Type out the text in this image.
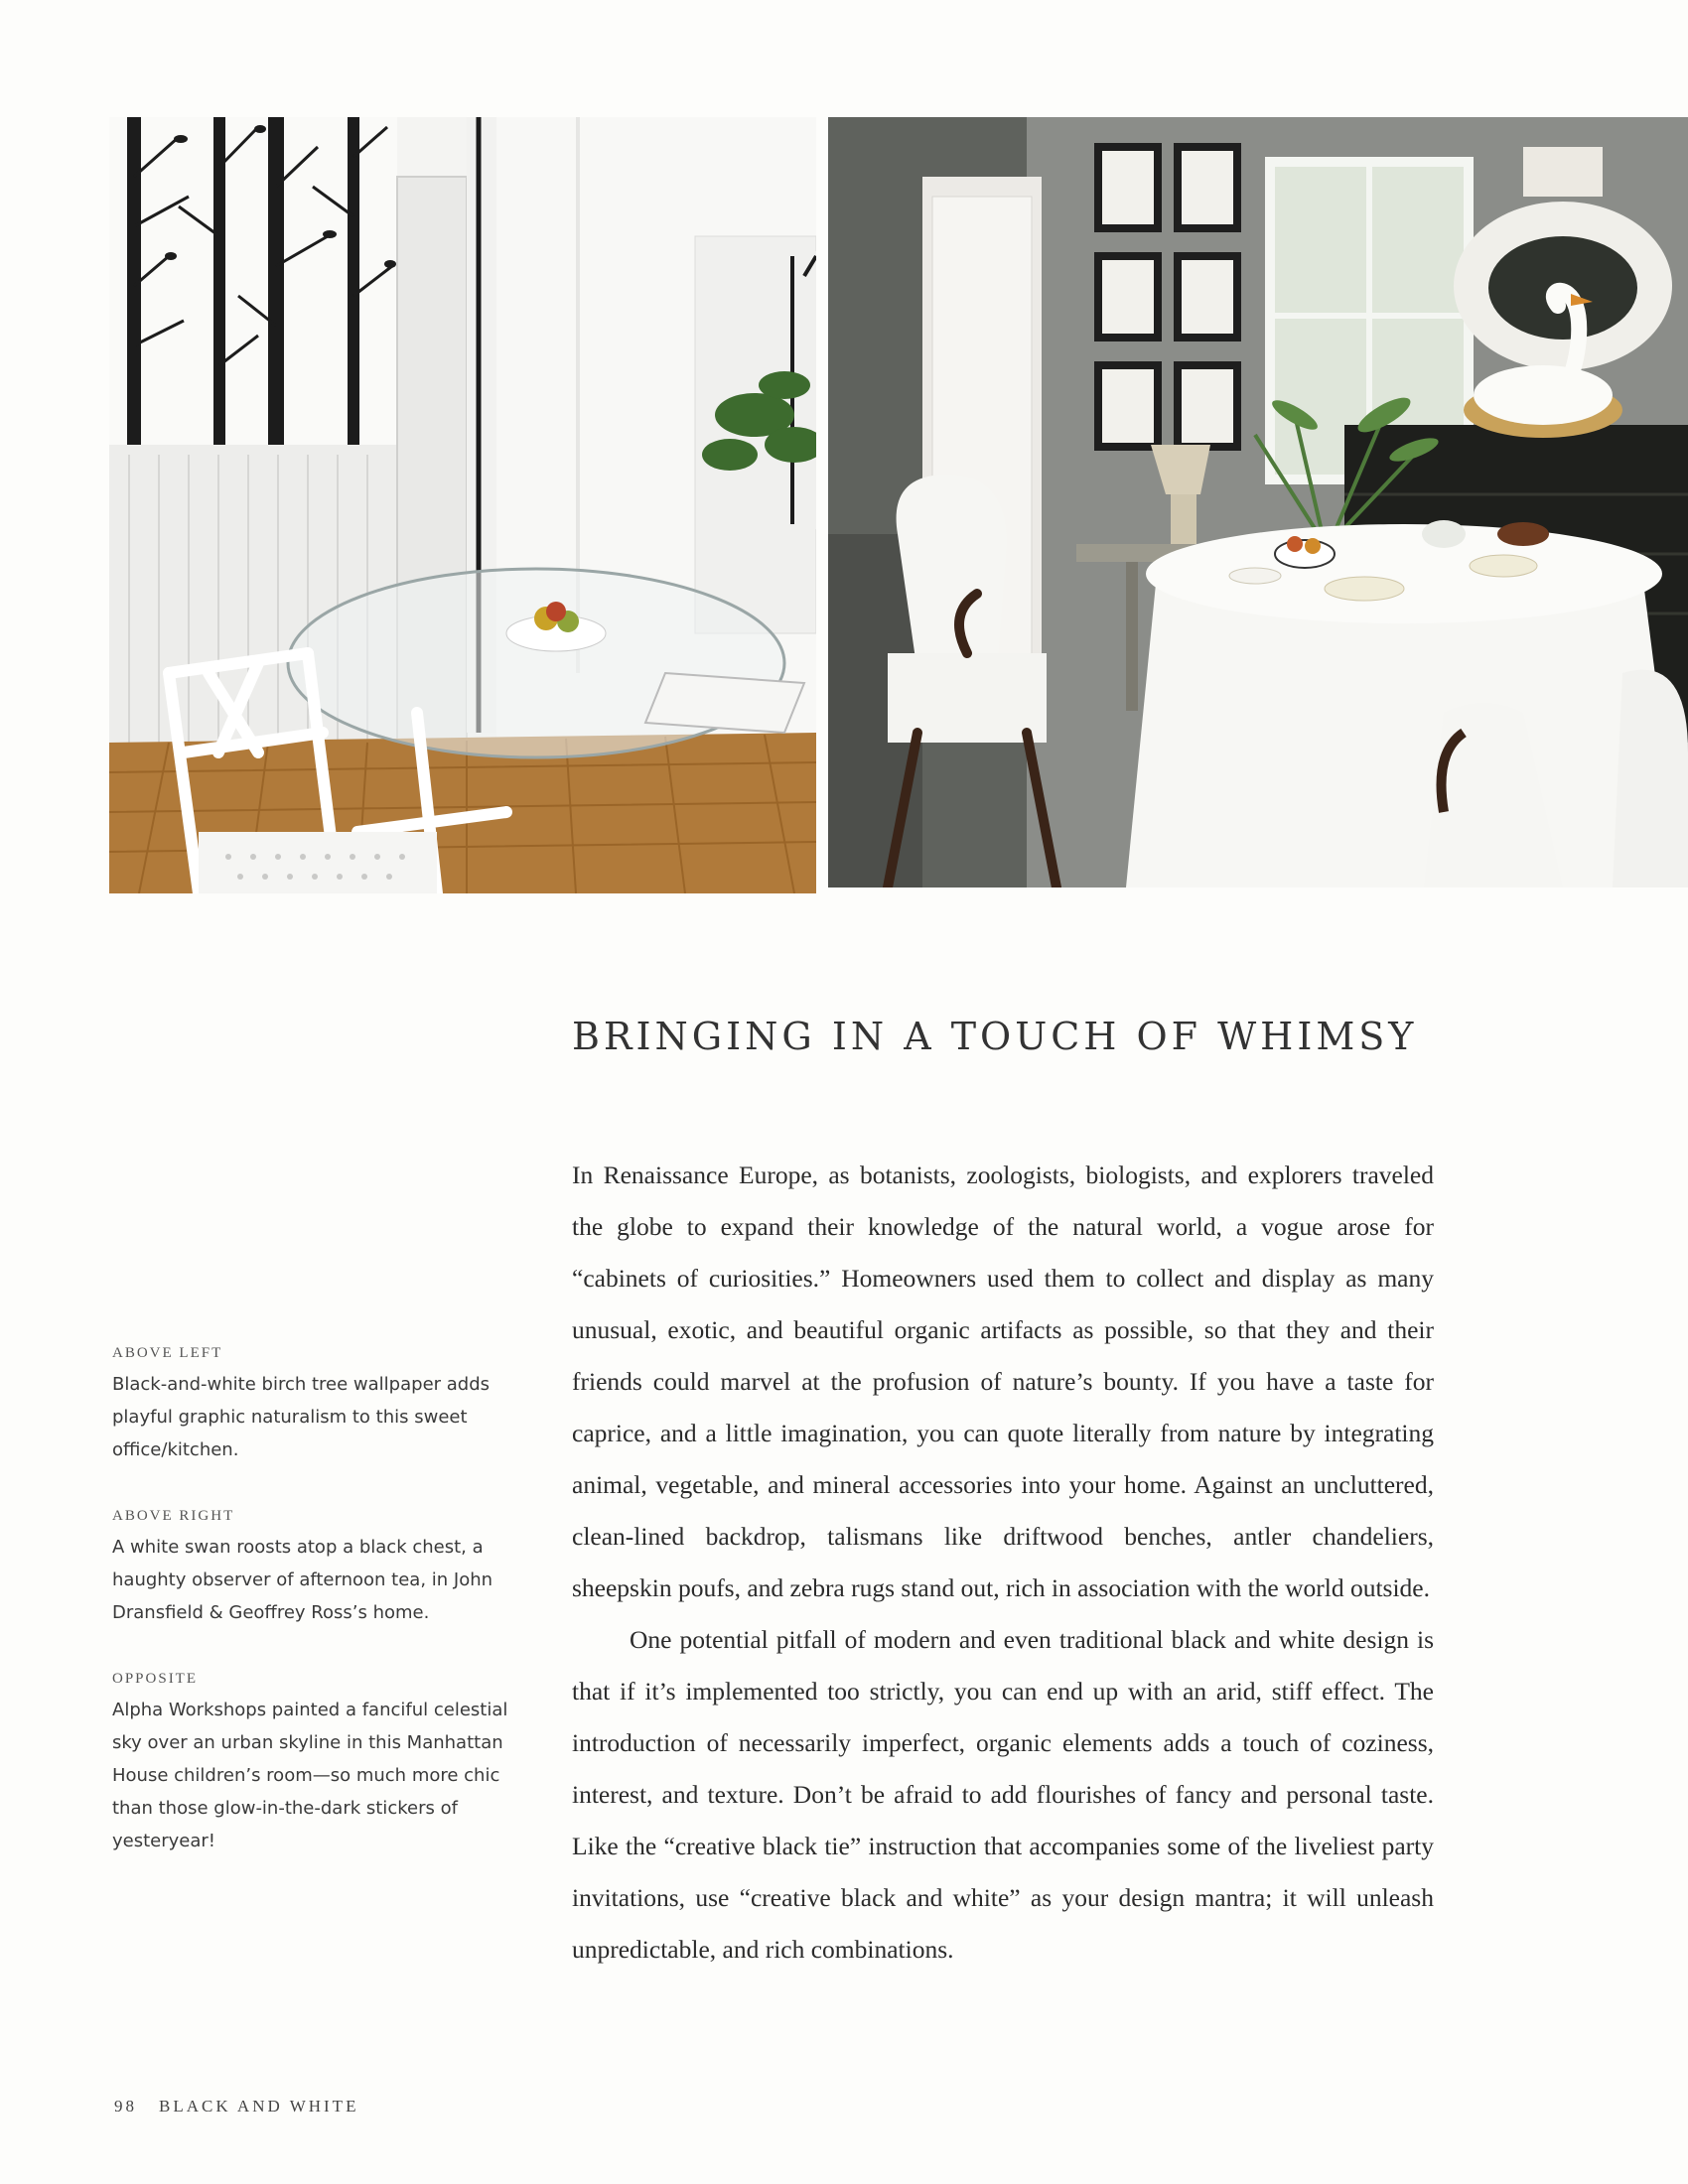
BRINGING IN A TOUCH OF WHIMSY

In Renaissance Europe, as botanists, zoologists, biologists, and explorers traveled the globe to expand their knowledge of the natural world, a vogue arose for “cabinets of curiosities.” Homeowners used them to collect and display as many unusual, exotic, and beautiful organic artifacts as possible, so that they and their friends could marvel at the profusion of nature’s bounty. If you have a taste for caprice, and a little imagination, you can quote literally from nature by integrating animal, vegetable, and mineral accessories into your home. Against an uncluttered, clean-lined backdrop, talismans like driftwood benches, antler chandeliers, sheepskin poufs, and zebra rugs stand out, rich in association with the world outside.

One potential pitfall of modern and even traditional black and white design is that if it’s implemented too strictly, you can end up with an arid, stiff effect. The introduction of necessarily imperfect, organic elements adds a touch of coziness, interest, and texture. Don’t be afraid to add flourishes of fancy and personal taste. Like the “creative black tie” instruction that accompanies some of the liveliest party invitations, use “creative black and white” as your design mantra; it will unleash unpredictable, and rich combinations.

ABOVE LEFT
Black-and-white birch tree wallpaper adds playful graphic naturalism to this sweet office/kitchen.
ABOVE RIGHT
A white swan roosts atop a black chest, a haughty observer of afternoon tea, in John Dransfield & Geoffrey Ross’s home.
OPPOSITE
Alpha Workshops painted a fanciful celestial sky over an urban skyline in this Manhattan House children’s room—so much more chic than those glow-in-the-dark stickers of yesteryear!
98 BLACK AND WHITE
